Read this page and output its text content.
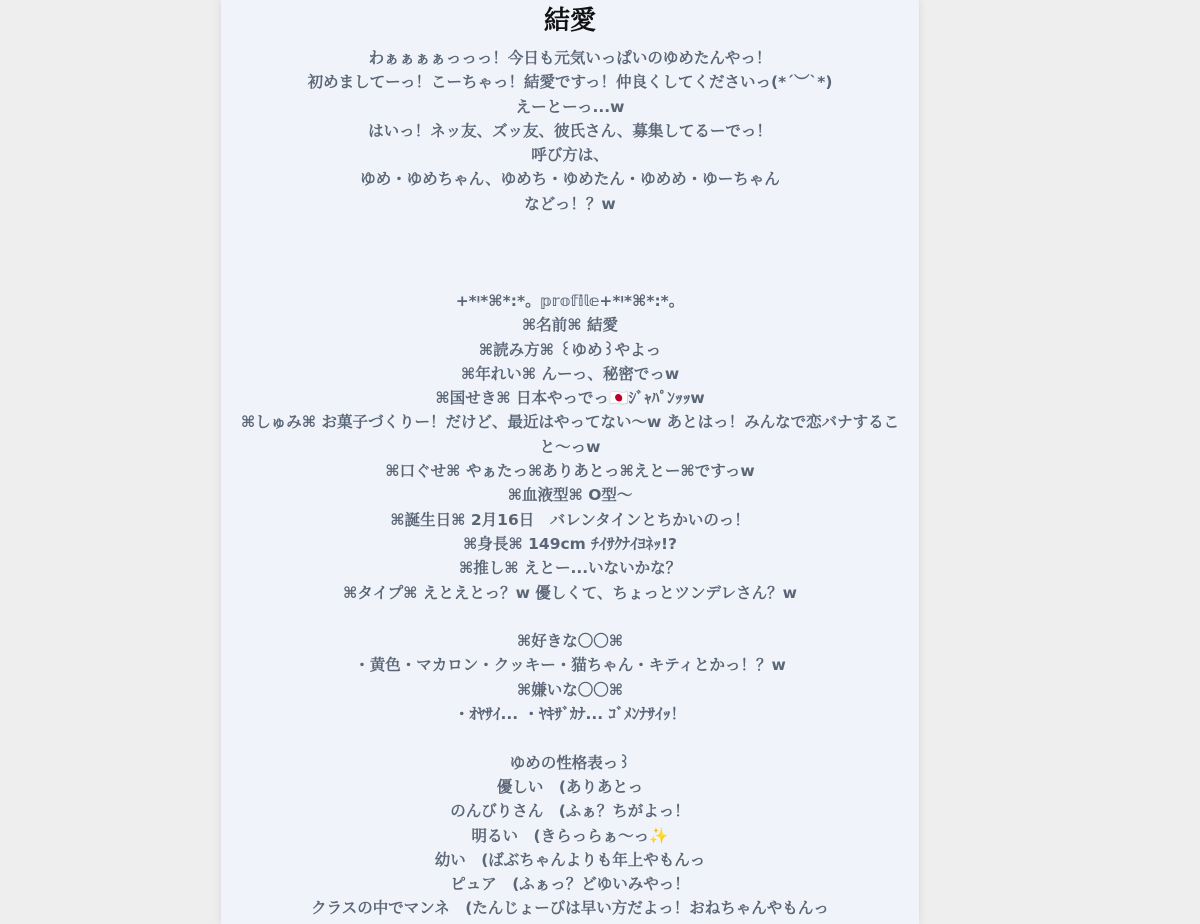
結愛
わぁぁぁぁっっっ！今日も元気いっぱいのゆめたんやっ！
初めましてーっ！こーちゃっ！結愛ですっ！仲良くしてくださいっ(*´︶`*)
えーとーっ...w
はいっ！ネッ友、ズッ友、彼氏さん、募集してるーでっ！
呼び方は、
ゆめ・ゆめちゃん、ゆめち・ゆめたん・ゆめめ・ゆーちゃん
などっ！？w
+*ᵎ*⌘*:*。𝕡𝕣𝕠𝕗𝕚𝕝𝕖+*ᵎ*⌘*:*。
⌘名前⌘ 結愛
⌘読み方⌘ ꒰ゆめ꒱やよっ
⌘年れい⌘ んーっ、秘密でっw
⌘国せき⌘ 日本やっでっ🇯🇵ｼﾞｬﾊﾟﾝｯｯw
⌘しゅみ⌘ お菓子づくりー！だけど、最近はやってない〜w あとはっ！みんなで恋バナすること〜っw
⌘口ぐせ⌘ やぁたっ⌘ありあとっ⌘えとー⌘ですっw
⌘血液型⌘ O型〜
⌘誕生日⌘ 2月16日　バレンタインとちかいのっ！
⌘身長⌘ 149cm ﾁｲｻｸﾅｲﾖﾈｯ!?
⌘推し⌘ えとー...いないかな？
⌘タイプ⌘ えとえとっ？w 優しくて、ちょっとツンデレさん？w
⌘好きな〇〇⌘
・黄色・マカロン・クッキー・猫ちゃん・キティとかっ！？w
⌘嫌いな〇〇⌘
・ｵﾔｻｲ... ・ﾔｷｻﾞｶﾅ... ｺﾞﾒﾝﾅｻｲｯ！
ゆめの性格表っ꒱
優しい　(ありあとっ
のんびりさん　(ふぁ？ちがよっ！
明るい　(きらっらぁ〜っ✨
幼い　(ばぶちゃんよりも年上やもんっ
ピュア　(ふぁっ？どゆいみやっ！
クラスの中でマンネ　(たんじょーびは早い方だよっ！おねちゃんやもんっ
